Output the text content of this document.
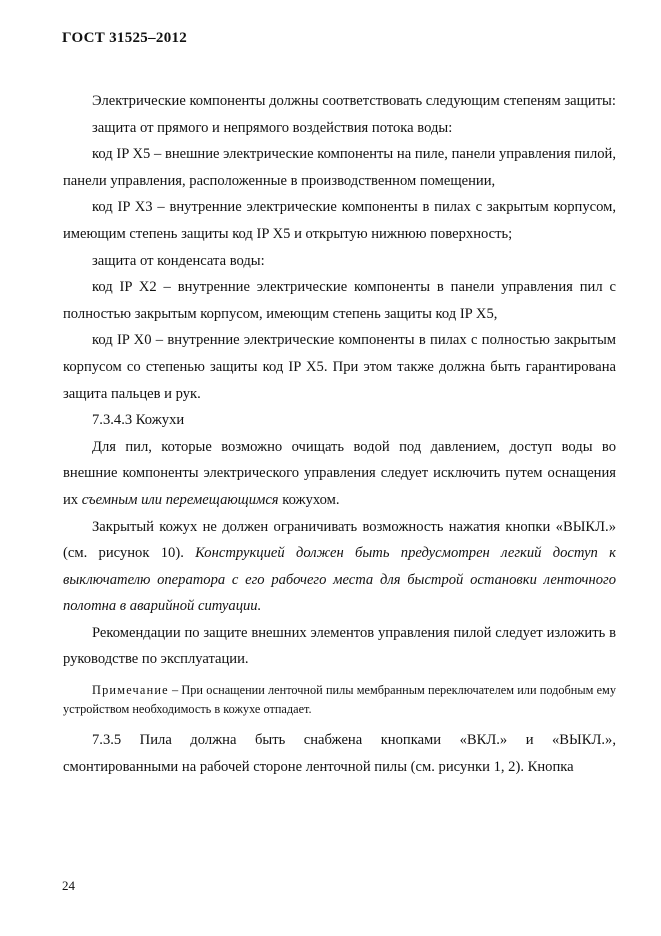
ГОСТ 31525–2012

Электрические компоненты должны соответствовать следующим степеням защиты:

защита от прямого и непрямого воздействия потока воды:

код IP X5 – внешние электрические компоненты на пиле, панели управления пилой, панели управления, расположенные в производственном помещении,

код IP X3 – внутренние электрические компоненты в пилах с закрытым корпусом, имеющим степень защиты код IP X5 и открытую нижнюю поверхность;

защита от конденсата воды:

код IP X2 – внутренние электрические компоненты в панели управления пил с полностью закрытым корпусом, имеющим степень защиты код IP X5,

код IP X0 – внутренние электрические компоненты в пилах с полностью закрытым корпусом со степенью защиты код IP X5. При этом также должна быть гарантирована защита пальцев и рук.

7.3.4.3 Кожухи

Для пил, которые возможно очищать водой под давлением, доступ воды во внешние компоненты электрического управления следует исключить путем оснащения их съемным или перемещающимся кожухом.

Закрытый кожух не должен ограничивать возможность нажатия кнопки «ВЫКЛ.» (см. рисунок 10). Конструкцией должен быть предусмотрен легкий доступ к выключателю оператора с его рабочего места для быстрой остановки ленточного полотна в аварийной ситуации.

Рекомендации по защите внешних элементов управления пилой следует изложить в руководстве по эксплуатации.

Примечание – При оснащении ленточной пилы мембранным переключателем или подобным ему устройством необходимость в кожухе отпадает.

7.3.5 Пила должна быть снабжена кнопками «ВКЛ.» и «ВЫКЛ.», смонтированными на рабочей стороне ленточной пилы (см. рисунки 1, 2). Кнопка

24
